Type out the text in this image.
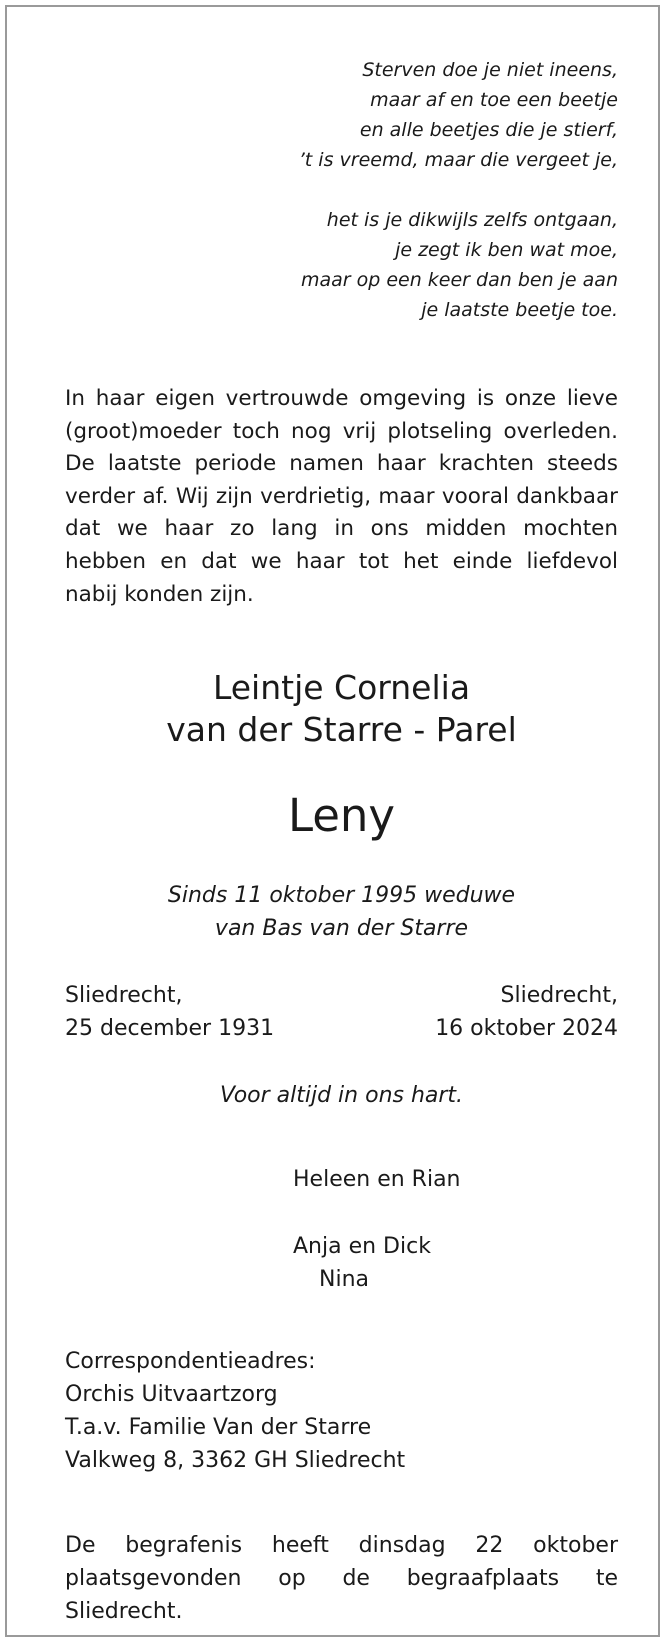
Sterven doe je niet ineens,
maar af en toe een beetje
en alle beetjes die je stierf,
’t is vreemd, maar die vergeet je,
het is je dikwijls zelfs ontgaan,
je zegt ik ben wat moe,
maar op een keer dan ben je aan
je laatste beetje toe.
In haar eigen vertrouwde omgeving is onze lieve (groot)moeder toch nog vrij plotseling overleden. De laatste periode namen haar krachten steeds verder af. Wij zijn verdrietig, maar vooral dankbaar dat we haar zo lang in ons midden mochten hebben en dat we haar tot het einde liefdevol nabij konden zijn.
Leintje Cornelia
van der Starre - Parel
Leny
Sinds 11 oktober 1995 weduwe
van Bas van der Starre
Sliedrecht,
25 december 1931
Sliedrecht,
16 oktober 2024
Voor altijd in ons hart.
Heleen en Rian
Anja en Dick
Nina
Correspondentieadres:
Orchis Uitvaartzorg
T.a.v. Familie Van der Starre
Valkweg 8, 3362 GH Sliedrecht
De begrafenis heeft dinsdag 22 oktober
plaatsgevonden op de begraafplaats te Sliedrecht.
